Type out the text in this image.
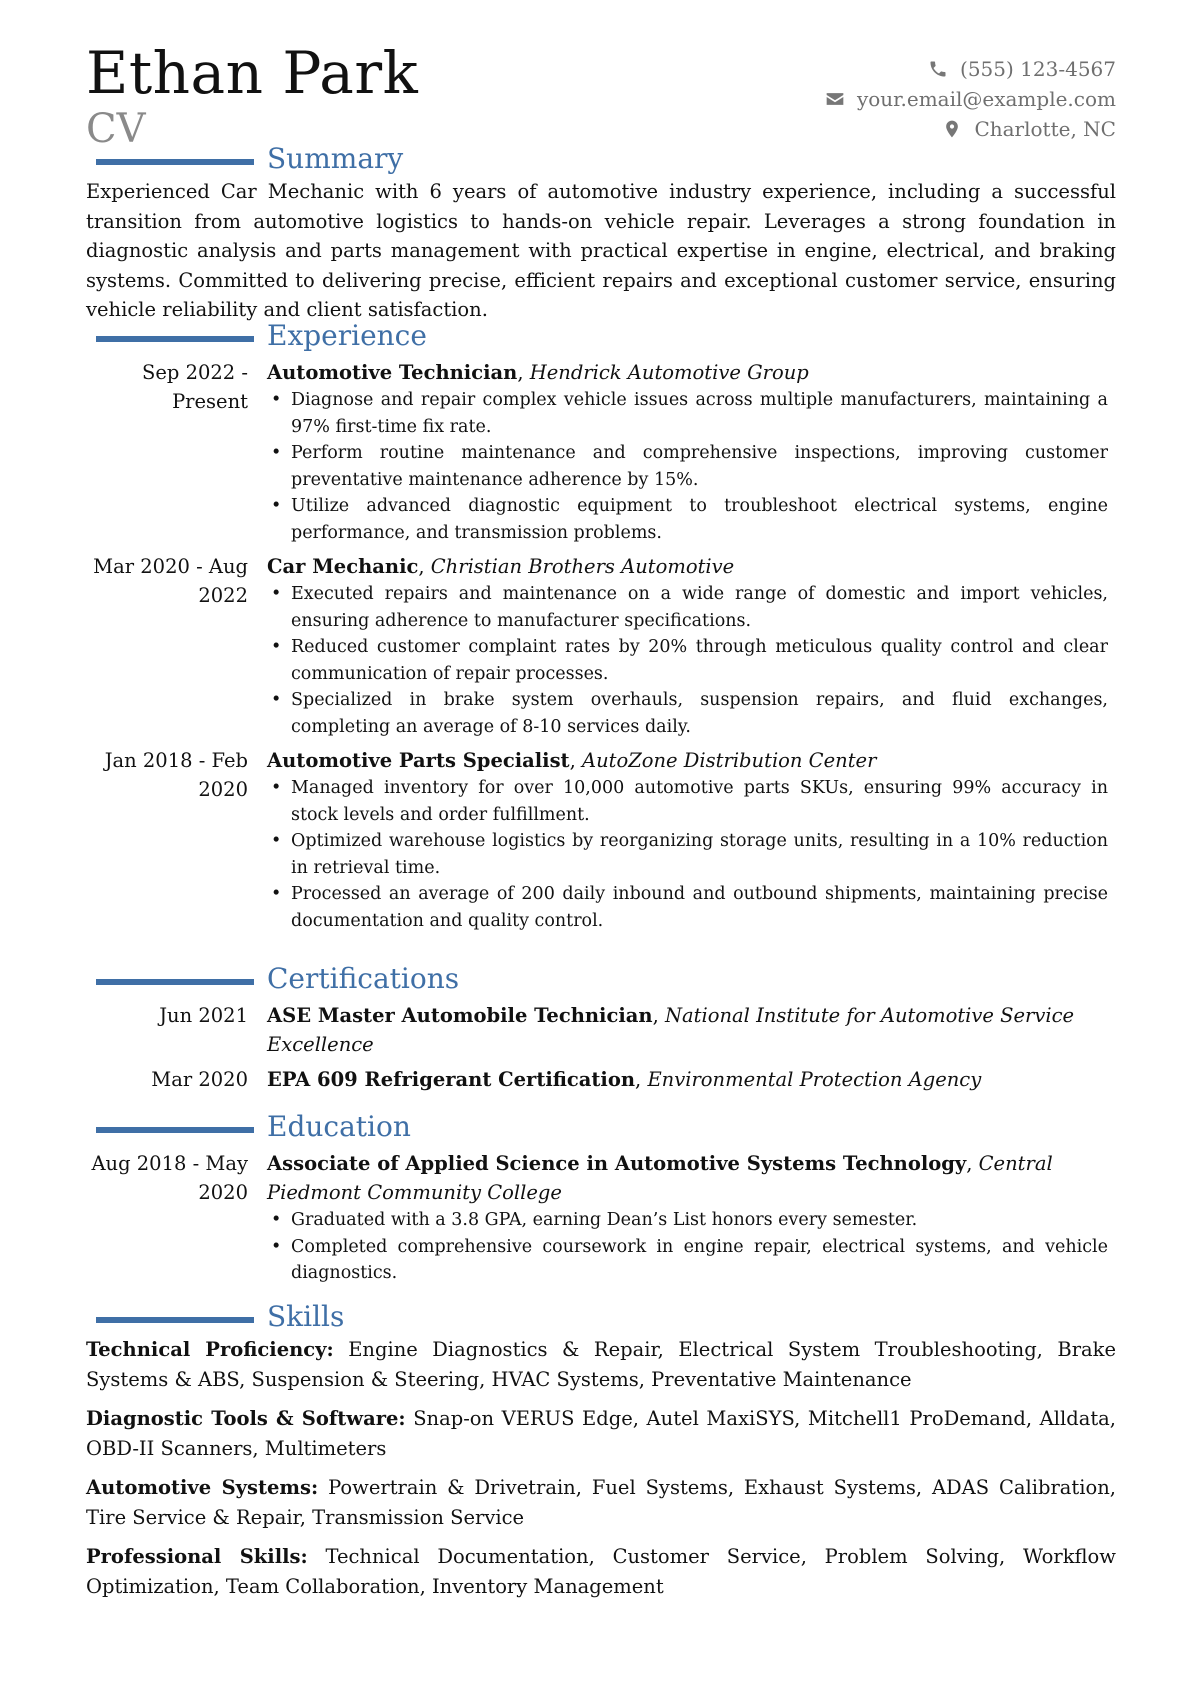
Ethan Park
CV
(555) 123-4567
your.email@example.com
Charlotte, NC
Summary
Experienced Car Mechanic with 6 years of automotive industry experience, including a successful transition from automotive logistics to hands-on vehicle repair. Leverages a strong foundation in diagnostic analysis and parts management with practical expertise in engine, electrical, and braking systems. Committed to delivering precise, efficient repairs and exceptional customer service, ensuring vehicle reliability and client satisfaction.
Experience
Sep 2022 - Present
Automotive Technician, Hendrick Automotive Group
• Diagnose and repair complex vehicle issues across multiple manufacturers, maintaining a 97% first-time fix rate.
• Perform routine maintenance and comprehensive inspections, improving customer preventative maintenance adherence by 15%.
• Utilize advanced diagnostic equipment to troubleshoot electrical systems, engine performance, and transmission problems.
Mar 2020 - Aug 2022
Car Mechanic, Christian Brothers Automotive
• Executed repairs and maintenance on a wide range of domestic and import vehicles, ensuring adherence to manufacturer specifications.
• Reduced customer complaint rates by 20% through meticulous quality control and clear communication of repair processes.
• Specialized in brake system overhauls, suspension repairs, and fluid exchanges, completing an average of 8-10 services daily.
Jan 2018 - Feb 2020
Automotive Parts Specialist, AutoZone Distribution Center
• Managed inventory for over 10,000 automotive parts SKUs, ensuring 99% accuracy in stock levels and order fulfillment.
• Optimized warehouse logistics by reorganizing storage units, resulting in a 10% reduction in retrieval time.
• Processed an average of 200 daily inbound and outbound shipments, maintaining precise documentation and quality control.
Certifications
Jun 2021 ASE Master Automobile Technician, National Institute for Automotive Service Excellence
Mar 2020 EPA 609 Refrigerant Certification, Environmental Protection Agency
Education
Aug 2018 - May 2020
Associate of Applied Science in Automotive Systems Technology, Central Piedmont Community College
• Graduated with a 3.8 GPA, earning Dean’s List honors every semester.
• Completed comprehensive coursework in engine repair, electrical systems, and vehicle diagnostics.
Skills
Technical Proficiency: Engine Diagnostics & Repair, Electrical System Troubleshooting, Brake Systems & ABS, Suspension & Steering, HVAC Systems, Preventative Maintenance
Diagnostic Tools & Software: Snap-on VERUS Edge, Autel MaxiSYS, Mitchell1 ProDemand, Alldata, OBD-II Scanners, Multimeters
Automotive Systems: Powertrain & Drivetrain, Fuel Systems, Exhaust Systems, ADAS Calibration, Tire Service & Repair, Transmission Service
Professional Skills: Technical Documentation, Customer Service, Problem Solving, Workflow Optimization, Team Collaboration, Inventory Management
